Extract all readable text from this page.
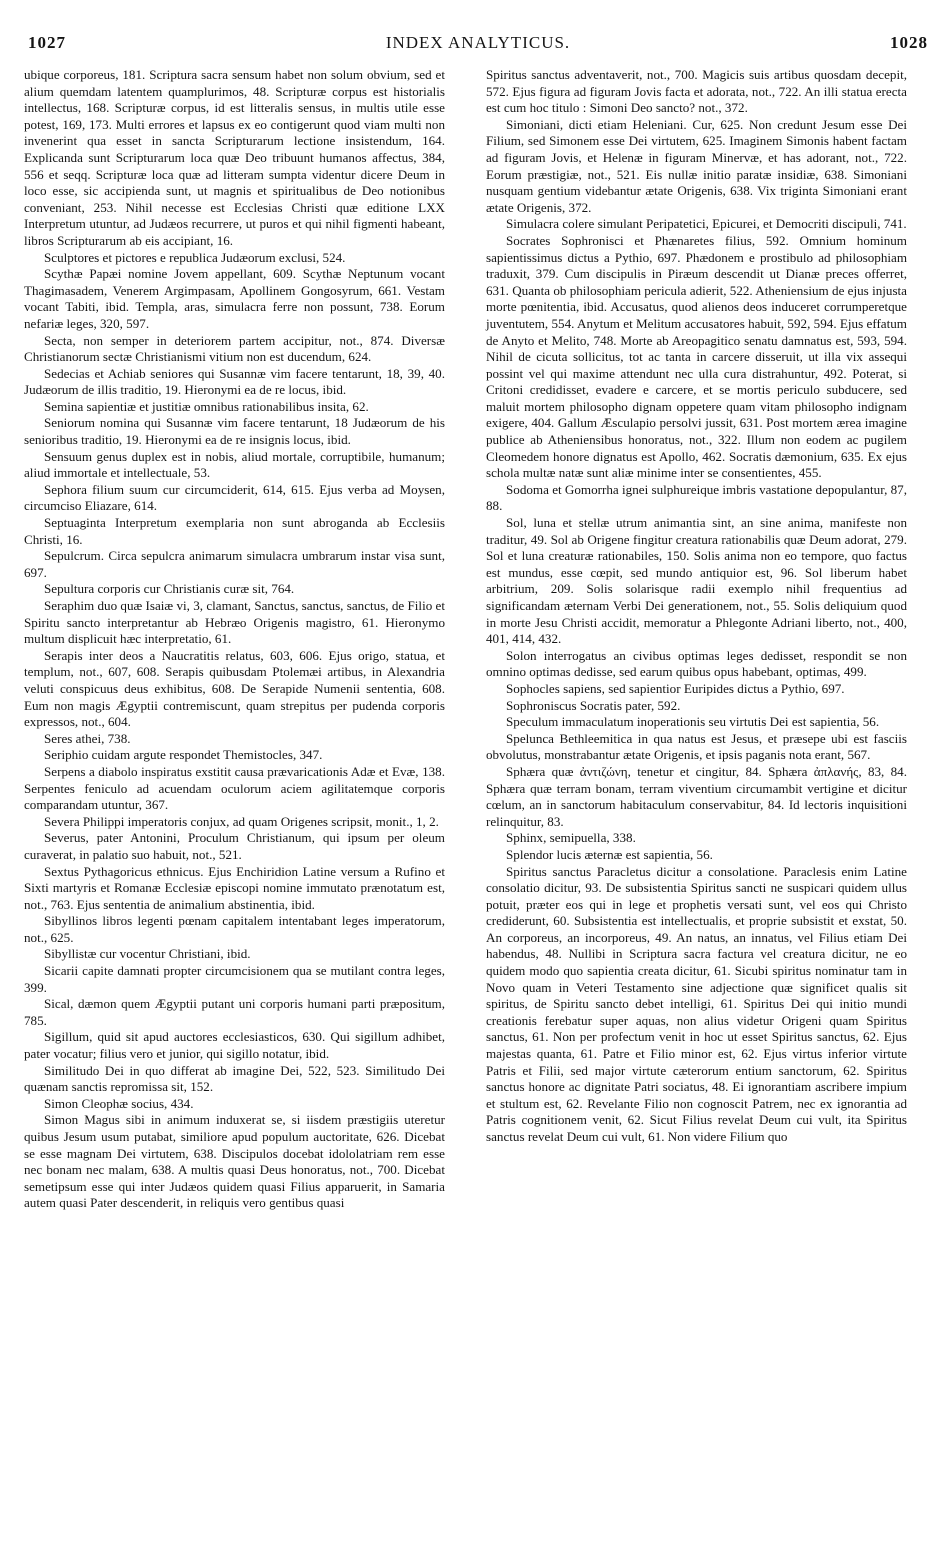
1027	INDEX ANALYTICUS.	1028

ubique corporeus, 181. Scriptura sacra sensum habet non solum obvium, sed et alium quemdam latentem quamplurimos, 48. Scripturæ corpus est historialis intellectus, 168. Scripturæ corpus, id est litteralis sensus, in multis utile esse potest, 169, 173. Multi errores et lapsus ex eo contigerunt quod viam multi non invenerint qua esset in sancta Scripturarum lectione insistendum, 164. Explicanda sunt Scripturarum loca quæ Deo tribuunt humanos affectus, 384, 556 et seqq. Scripturæ loca quæ ad litteram sumpta videntur dicere Deum in loco esse, sic accipienda sunt, ut magnis et spiritualibus de Deo notionibus conveniant, 253. Nihil necesse est Ecclesias Christi quæ editione LXX Interpretum utuntur, ad Judæos recurrere, ut puros et qui nihil figmenti habeant, libros Scripturarum ab eis accipiant, 16.

Sculptores et pictores e republica Judæorum exclusi, 524.

Scythæ Papæi nomine Jovem appellant, 609. Scythæ Neptunum vocant Thagimasadem, Venerem Argimpasam, Apollinem Gongosyrum, 661. Vestam vocant Tabiti, ibid. Templa, aras, simulacra ferre non possunt, 738. Eorum nefariæ leges, 320, 597.

Secta, non semper in deteriorem partem accipitur, not., 874. Diversæ Christianorum sectæ Christianismi vitium non est ducendum, 624.

Sedecias et Achiab seniores qui Susannæ vim facere tentarunt, 18, 39, 40. Judæorum de illis traditio, 19. Hieronymi ea de re locus, ibid.

Semina sapientiæ et justitiæ omnibus rationabilibus insita, 62.

Seniorum nomina qui Susannæ vim facere tentarunt, 18 Judæorum de his senioribus traditio, 19. Hieronymi ea de re insignis locus, ibid.

Sensuum genus duplex est in nobis, aliud mortale, corruptibile, humanum; aliud immortale et intellectuale, 53.

Sephora filium suum cur circumciderit, 614, 615. Ejus verba ad Moysen, circumciso Eliazare, 614.

Septuaginta Interpretum exemplaria non sunt abroganda ab Ecclesiis Christi, 16.

Sepulcrum. Circa sepulcra animarum simulacra umbrarum instar visa sunt, 697.

Sepultura corporis cur Christianis curæ sit, 764.

Seraphim duo quæ Isaiæ vi, 3, clamant, Sanctus, sanctus, sanctus, de Filio et Spiritu sancto interpretantur ab Hebræo Origenis magistro, 61. Hieronymo multum displicuit hæc interpretatio, 61.

Serapis inter deos a Naucratitis relatus, 603, 606. Ejus origo, statua, et templum, not., 607, 608. Serapis quibusdam Ptolemæi artibus, in Alexandria veluti conspicuus deus exhibitus, 608. De Serapide Numenii sententia, 608. Eum non magis Ægyptii contremiscunt, quam strepitus per pudenda corporis expressos, not., 604.

Seres athei, 738.

Seriphio cuidam argute respondet Themistocles, 347.

Serpens a diabolo inspiratus exstitit causa prævaricationis Adæ et Evæ, 138. Serpentes feniculo ad acuendam oculorum aciem agilitatemque corporis comparandam utuntur, 367.

Severa Philippi imperatoris conjux, ad quam Origenes scripsit, monit., 1, 2.

Severus, pater Antonini, Proculum Christianum, qui ipsum per oleum curaverat, in palatio suo habuit, not., 521.

Sextus Pythagoricus ethnicus. Ejus Enchiridion Latine versum a Rufino et Sixti martyris et Romanæ Ecclesiæ episcopi nomine immutato prænotatum est, not., 763. Ejus sententia de animalium abstinentia, ibid.

Sibyllinos libros legenti pœnam capitalem intentabant leges imperatorum, not., 625.

Sibyllistæ cur vocentur Christiani, ibid.

Sicarii capite damnati propter circumcisionem qua se mutilant contra leges, 399.

Sical, dæmon quem Ægyptii putant uni corporis humani parti præpositum, 785.

Sigillum, quid sit apud auctores ecclesiasticos, 630. Qui sigillum adhibet, pater vocatur; filius vero et junior, qui sigillo notatur, ibid.

Similitudo Dei in quo differat ab imagine Dei, 522, 523. Similitudo Dei quænam sanctis repromissa sit, 152.

Simon Cleophæ socius, 434.

Simon Magus sibi in animum induxerat se, si iisdem præstigiis uteretur quibus Jesum usum putabat, similiore apud populum auctoritate, 626. Dicebat se esse magnam Dei virtutem, 638. Discipulos docebat idololatriam rem esse nec bonam nec malam, 638. A multis quasi Deus honoratus, not., 700. Dicebat semetipsum esse qui inter Judæos quidem quasi Filius apparuerit, in Samaria autem quasi Pater descenderit, in reliquis vero gentibus quasi

Spiritus sanctus adventaverit, not., 700. Magicis suis artibus quosdam decepit, 572. Ejus figura ad figuram Jovis facta et adorata, not., 722. An illi statua erecta est cum hoc titulo : Simoni Deo sancto? not., 372.

Simoniani, dicti etiam Heleniani. Cur, 625. Non credunt Jesum esse Dei Filium, sed Simonem esse Dei virtutem, 625. Imaginem Simonis habent factam ad figuram Jovis, et Helenæ in figuram Minervæ, et has adorant, not., 722. Eorum præstigiæ, not., 521. Eis nullæ initio paratæ insidiæ, 638. Simoniani nusquam gentium videbantur ætate Origenis, 638. Vix triginta Simoniani erant ætate Origenis, 372.

Simulacra colere simulant Peripatetici, Epicurei, et Democriti discipuli, 741.

Socrates Sophronisci et Phænaretes filius, 592. Omnium hominum sapientissimus dictus a Pythio, 697. Phædonem e prostibulo ad philosophiam traduxit, 379. Cum discipulis in Piræum descendit ut Dianæ preces offerret, 631. Quanta ob philosophiam pericula adierit, 522. Atheniensium de ejus injusta morte pœnitentia, ibid. Accusatus, quod alienos deos induceret corrumperetque juventutem, 554. Anytum et Melitum accusatores habuit, 592, 594. Ejus effatum de Anyto et Melito, 748. Morte ab Areopagitico senatu damnatus est, 593, 594. Nihil de cicuta sollicitus, tot ac tanta in carcere disseruit, ut illa vix assequi possint vel qui maxime attendunt nec ulla cura distrahuntur, 492. Poterat, si Critoni credidisset, evadere e carcere, et se mortis periculo subducere, sed maluit mortem philosopho dignam oppetere quam vitam philosopho indignam exigere, 404. Gallum Æsculapio persolvi jussit, 631. Post mortem ærea imagine publice ab Atheniensibus honoratus, not., 322. Illum non eodem ac pugilem Cleomedem honore dignatus est Apollo, 462. Socratis dæmonium, 635. Ex ejus schola multæ natæ sunt aliæ minime inter se consentientes, 455.

Sodoma et Gomorrha ignei sulphureique imbris vastatione depopulantur, 87, 88.

Sol, luna et stellæ utrum animantia sint, an sine anima, manifeste non traditur, 49. Sol ab Origene fingitur creatura rationabilis quæ Deum adorat, 279. Sol et luna creaturæ rationabiles, 150. Solis anima non eo tempore, quo factus est mundus, esse cœpit, sed mundo antiquior est, 96. Sol liberum habet arbitrium, 209. Solis solarisque radii exemplo nihil frequentius ad significandam æternam Verbi Dei generationem, not., 55. Solis deliquium quod in morte Jesu Christi accidit, memoratur a Phlegonte Adriani liberto, not., 400, 401, 414, 432.

Solon interrogatus an civibus optimas leges dedisset, respondit se non omnino optimas dedisse, sed earum quibus opus habebant, optimas, 499.

Sophocles sapiens, sed sapientior Euripides dictus a Pythio, 697.

Sophroniscus Socratis pater, 592.

Speculum immaculatum inoperationis seu virtutis Dei est sapientia, 56.

Spelunca Bethleemitica in qua natus est Jesus, et præsepe ubi est fasciis obvolutus, monstrabantur ætate Origenis, et ipsis paganis nota erant, 567.

Sphæra quæ ἀντιζώνη, tenetur et cingitur, 84. Sphæra ἀπλανής, 83, 84. Sphæra quæ terram bonam, terram viventium circumambit vertigine et dicitur cœlum, an in sanctorum habitaculum conservabitur, 84. Id lectoris inquisitioni relinquitur, 83.

Sphinx, semipuella, 338.

Splendor lucis æternæ est sapientia, 56.

Spiritus sanctus Paracletus dicitur a consolatione. Paraclesis enim Latine consolatio dicitur, 93. De subsistentia Spiritus sancti ne suspicari quidem ullus potuit, præter eos qui in lege et prophetis versati sunt, vel eos qui Christo crediderunt, 60. Subsistentia est intellectualis, et proprie subsistit et exstat, 50. An corporeus, an incorporeus, 49. An natus, an innatus, vel Filius etiam Dei habendus, 48. Nullibi in Scriptura sacra factura vel creatura dicitur, ne eo quidem modo quo sapientia creata dicitur, 61. Sicubi spiritus nominatur tam in Novo quam in Veteri Testamento sine adjectione quæ significet qualis sit spiritus, de Spiritu sancto debet intelligi, 61. Spiritus Dei qui initio mundi creationis ferebatur super aquas, non alius videtur Origeni quam Spiritus sanctus, 61. Non per profectum venit in hoc ut esset Spiritus sanctus, 62. Ejus majestas quanta, 61. Patre et Filio minor est, 62. Ejus virtus inferior virtute Patris et Filii, sed major virtute cæterorum entium sanctorum, 62. Spiritus sanctus honore ac dignitate Patri sociatus, 48. Ei ignorantiam ascribere impium et stultum est, 62. Revelante Filio non cognoscit Patrem, nec ex ignorantia ad Patris cognitionem venit, 62. Sicut Filius revelat Deum cui vult, ita Spiritus sanctus revelat Deum cui vult, 61. Non videre Filium quo
